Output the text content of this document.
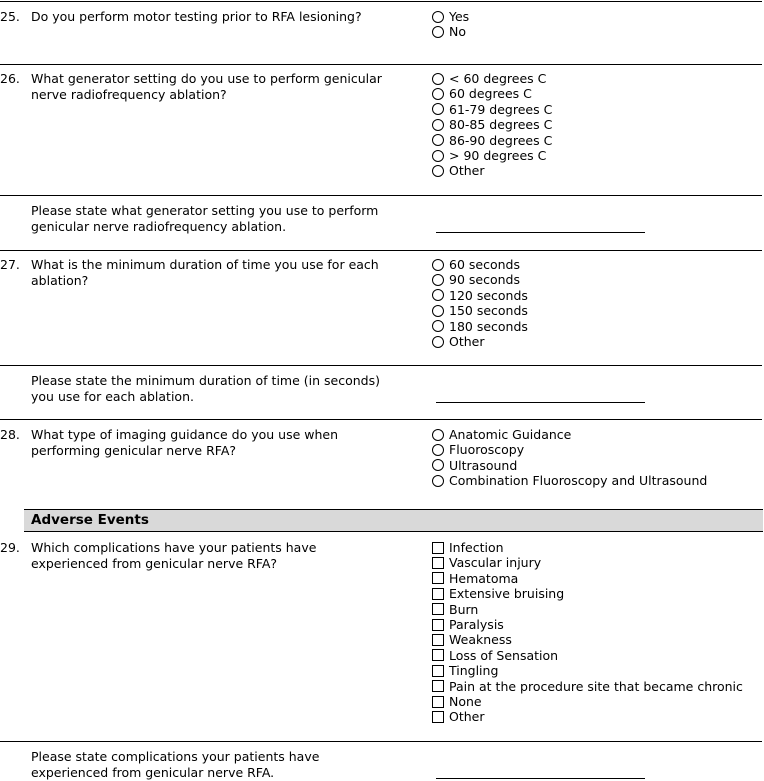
25. Do you perform motor testing prior to RFA lesioning?	Yes
No
26. What generator setting do you use to perform genicular nerve radiofrequency ablation?
< 60 degrees C
60 degrees C
61-79 degrees C
80-85 degrees C
86-90 degrees C
> 90 degrees C
Other
Please state what generator setting you use to perform genicular nerve radiofrequency ablation.
27. What is the minimum duration of time you use for each ablation?
60 seconds
90 seconds
120 seconds
150 seconds
180 seconds
Other
Please state the minimum duration of time (in seconds) you use for each ablation.
28. What type of imaging guidance do you use when performing genicular nerve RFA?
Anatomic Guidance
Fluoroscopy
Ultrasound
Combination Fluoroscopy and Ultrasound
Adverse Events
29. Which complications have your patients have experienced from genicular nerve RFA?
Infection
Vascular injury
Hematoma
Extensive bruising
Burn
Paralysis
Weakness
Loss of Sensation
Tingling
Pain at the procedure site that became chronic
None
Other
Please state complications your patients have experienced from genicular nerve RFA.
